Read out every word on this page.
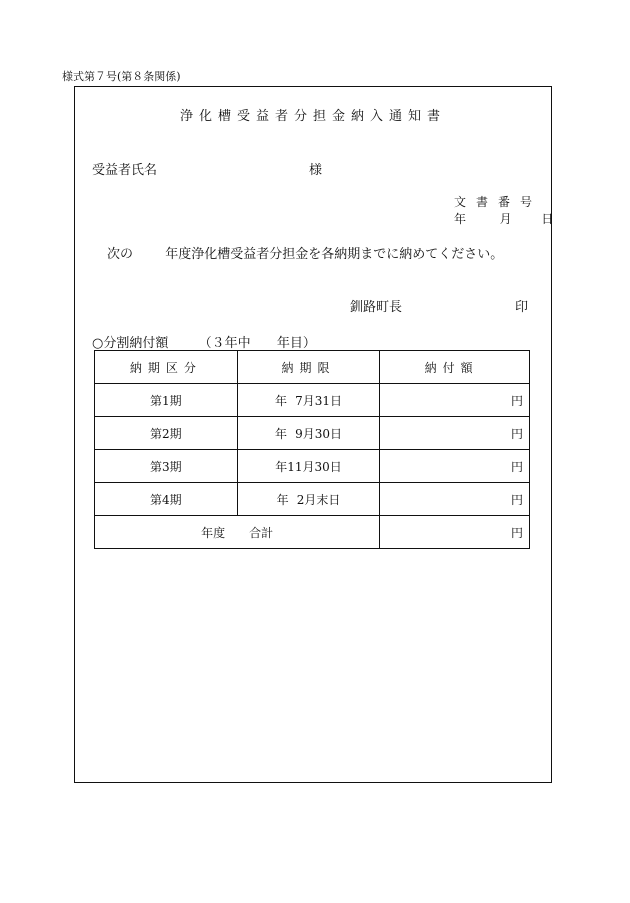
様式第７号(第８条関係)
浄化槽受益者分担金納入通知書
受益者氏名	様
文書番号
年	月 日
次の 年度浄化槽受益者分担金を各納期までに納めてください。
釧路町長	印
○分割納付額 （３年中 年目）
納期区分	納期限	納付額
第1期	年 7月31日	円
第2期	年 9月30日	円
第3期	年11月30日	円
第4期	年 2月末日	円
年度 合計		円
